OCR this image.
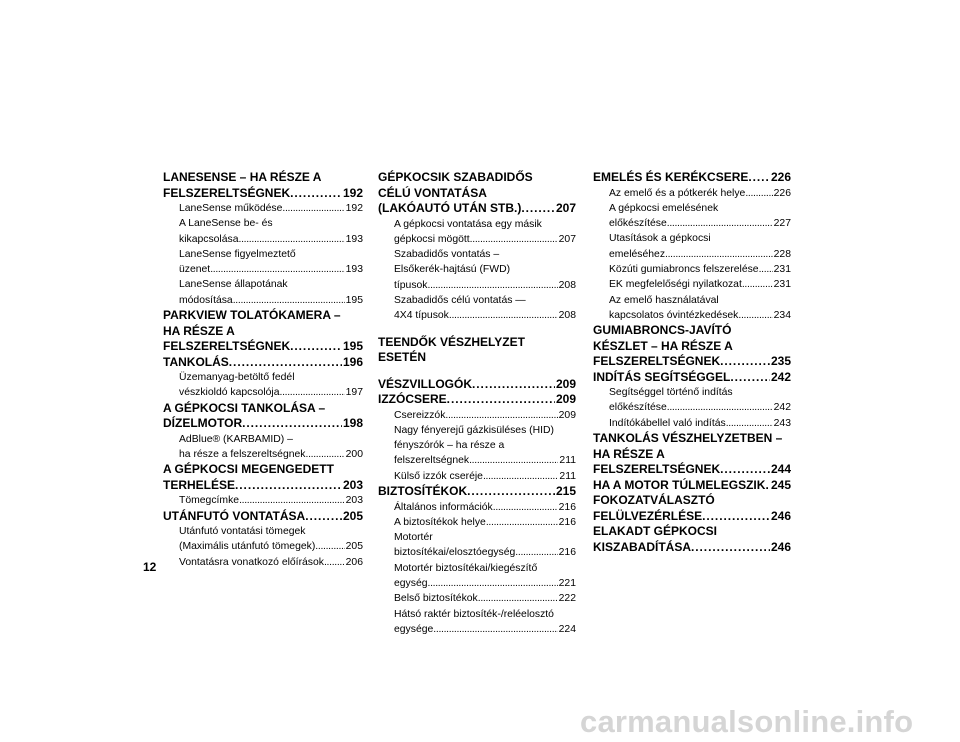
LANESENSE – HA RÉSZE A
FELSZERELTSÉGNEK . . .	192
LaneSense működése . . .	192
A LaneSense be- és
kikapcsolása . . .	193
LaneSense figyelmeztető
üzenet . . .	193
LaneSense állapotának
módosítása . . .	195
PARKVIEW TOLATÓKAMERA –
HA RÉSZE A
FELSZERELTSÉGNEK . . .	195
TANKOLÁS . . .	196
Üzemanyag-betöltő fedél
vészkioldó kapcsolója . . .	197
A GÉPKOCSI TANKOLÁSA –
DÍZELMOTOR . . .	198
AdBlue® (KARBAMID) –
ha része a felszereltségnek . . .	200
A GÉPKOCSI MEGENGEDETT
TERHELÉSE . . .	203
Tömegcímke . . .	203
UTÁNFUTÓ VONTATÁSA . . .	205
Utánfutó vontatási tömegek
(Maximális utánfutó tömegek) . . .	205
Vontatásra vonatkozó előírások . . . 206
GÉPKOCSIK SZABADIDŐS
CÉLÚ VONTATÁSA
(LAKÓAUTÓ UTÁN STB.) . . .	207
A gépkocsi vontatása egy másik
gépkocsi mögött . . .	207
Szabadidős vontatás –
Elsőkerék-hajtású (FWD)
típusok . . .	208
Szabadidős célú vontatás —
4X4 típusok . . .	208
TEENDŐK VÉSZHELYZET ESETÉN
VÉSZVILLOGÓK . . .	209
IZZÓCSERE . . .	209
Cserеizzók . . .	209
Nagy fényerejű gázkisüléses (HID)
fényszórók – ha része a
felszereltségnek . . .	211
Külső izzók cseréje . . .	211
BIZTOSÍTÉKOK . . .	215
Általános információk . . .	216
A biztosítékok helye . . .	216
Motortér
biztosítékai/elosztóegység . . .	216
Motortér biztosítékai/kiegészítő
egység . . .	221
Belső biztosítékok . . .	222
Hátsó raktér biztosíték-/reléelosztó
egysége . . .	224
EMELÉS ÉS KERÉKCSERE . . . 226
Az emelő és a pótkerék helye . . .	226
A gépkocsi emelésének
előkészítése . . .	227
Utasítások a gépkocsi
emeléséhez . . .	228
Közúti gumiabroncs felszerelése . . . 231
EK megfelelőségi nyilatkozat . . .	231
Az emelő használatával
kapcsolatos óvintézkedések . . .	234
GUMIABRONCS-JAVÍTÓ
KÉSZLET – HA RÉSZE A
FELSZERELTSÉGNEK . . .	235
INDÍTÁS SEGÍTSÉGGEL . . .	242
Segítséggel történő indítás
előkészítése . . .	242
Indítókábellel való indítás . . .	243
TANKOLÁS VÉSZHELYZETBEN –
HA RÉSZE A
FELSZERELTSÉGNEK . . .	244
HA A MOTOR TÚLMELEGSZIK . . . 245
FOKOZATVÁLASZTÓ
FELÜLVEZÉRLÉSE . . .	246
ELAKADT GÉPKOCSI
KISZABADÍTÁSA . . .	246
12
carmanualsonline.info
